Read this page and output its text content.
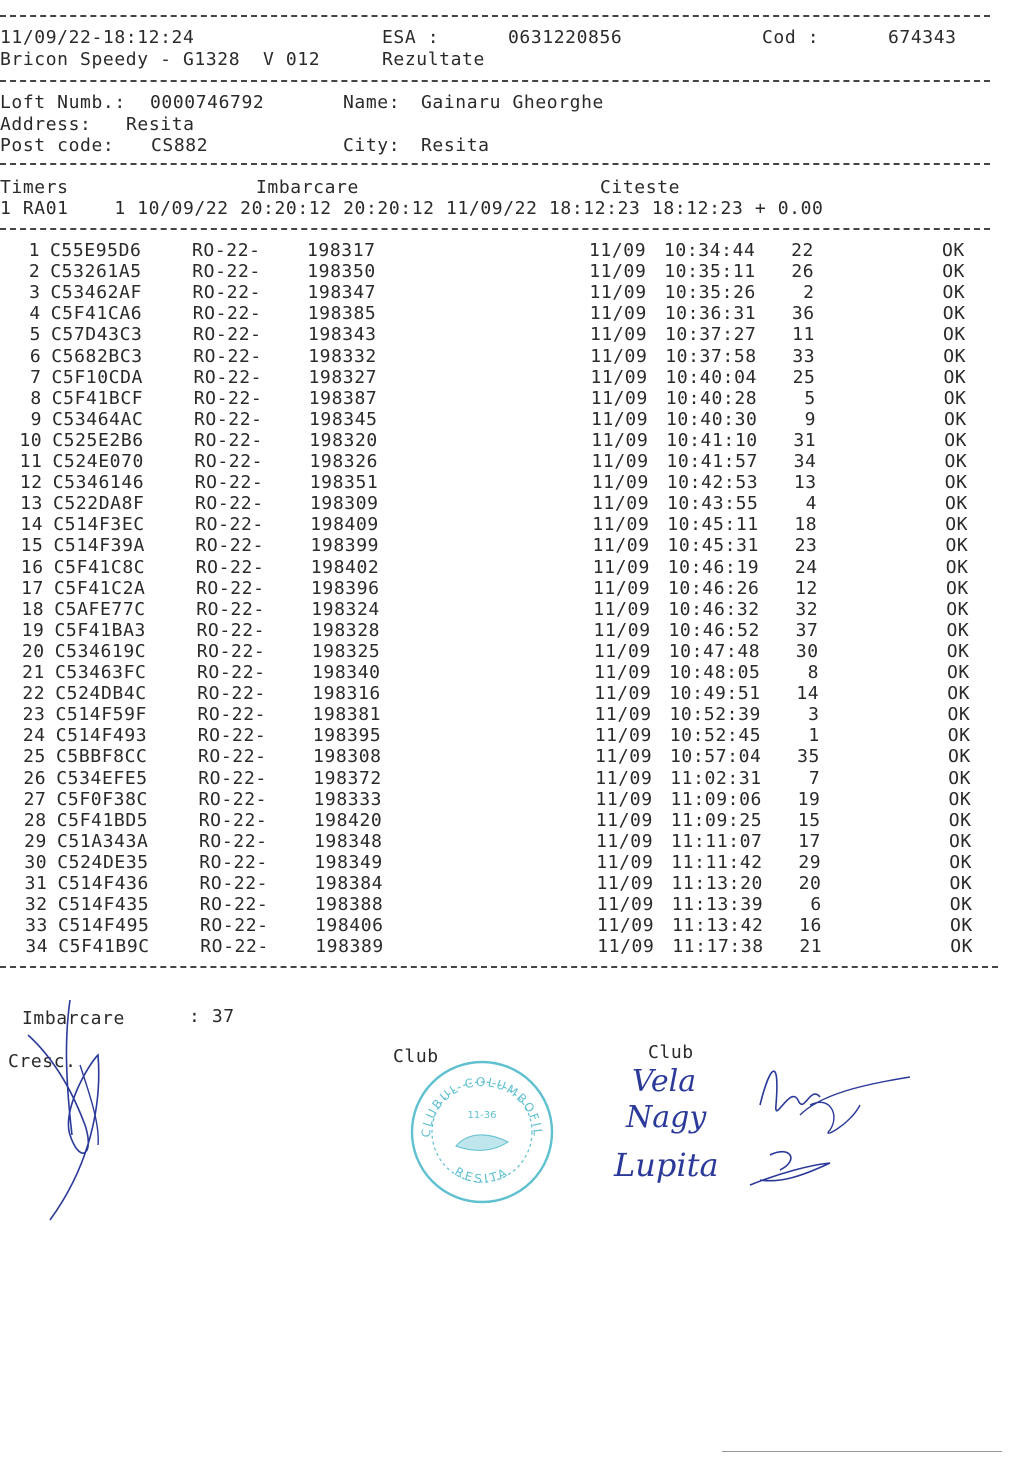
11/09/22-18:12:24	ESA :	0631220856	Cod :	674343
Bricon Speedy - G1328  V 012	Rezultate
Loft Numb.: 0000746792	Name: Gainaru Gheorghe
Address: Resita
Post code: CS882	City: Resita
Timers	Imbarcare	Citeste
1 RA01    1 10/09/22 20:20:12 20:20:12 11/09/22 18:12:23 18:12:23 + 0.00
1 C55E95D6	RO-22-	198317	11/09 10:34:44 22	OK
2 C53261A5	RO-22-	198350	11/09 10:35:11 26	OK
3 C53462AF	RO-22-	198347	11/09 10:35:26	2	OK
4 C5F41CA6	RO-22-	198385	11/09 10:36:31 36	OK
5 C57D43C3	RO-22-	198343	11/09 10:37:27 11	OK
6 C5682BC3	RO-22-	198332	11/09 10:37:58 33	OK
7 C5F10CDA	RO-22-	198327	11/09 10:40:04 25	OK
8 C5F41BCF	RO-22-	198387	11/09 10:40:28	5	OK
9 C53464AC	RO-22-	198345	11/09 10:40:30	9	OK
10 C525E2B6	RO-22-	198320	11/09 10:41:10 31	OK
11 C524E070	RO-22-	198326	11/09 10:41:57 34	OK
12 C5346146	RO-22-	198351	11/09 10:42:53 13	OK
13 C522DA8F	RO-22-	198309	11/09 10:43:55	4	OK
14 C514F3EC	RO-22-	198409	11/09 10:45:11 18	OK
15 C514F39A	RO-22-	198399	11/09 10:45:31 23	OK
16 C5F41C8C	RO-22-	198402	11/09 10:46:19 24	OK
17 C5F41C2A	RO-22-	198396	11/09 10:46:26 12	OK
18 C5AFE77C	RO-22-	198324	11/09 10:46:32 32	OK
19 C5F41BA3	RO-22-	198328	11/09 10:46:52 37	OK
20 C534619C	RO-22-	198325	11/09 10:47:48 30	OK
21 C53463FC	RO-22-	198340	11/09 10:48:05	8	OK
22 C524DB4C	RO-22-	198316	11/09 10:49:51 14	OK
23 C514F59F	RO-22-	198381	11/09 10:52:39	3	OK
24 C514F493	RO-22-	198395	11/09 10:52:45	1	OK
25 C5BBF8CC	RO-22-	198308	11/09 10:57:04 35	OK
26 C534EFE5	RO-22-	198372	11/09 11:02:31	7	OK
27 C5F0F38C	RO-22-	198333	11/09 11:09:06 19	OK
28 C5F41BD5	RO-22-	198420	11/09 11:09:25 15	OK
29 C51A343A	RO-22-	198348	11/09 11:11:07 17	OK
30 C524DE35	RO-22-	198349	11/09 11:11:42 29	OK
31 C514F436	RO-22-	198384	11/09 11:13:20 20	OK
32 C514F435	RO-22-	198388	11/09 11:13:39	6	OK
33 C514F495	RO-22-	198406	11/09 11:13:42 16	OK
34 C5F41B9C	RO-22-	198389	11/09 11:17:38 21	OK
Imbarcare	: 37
Cresc.	Club	Club
CLUBUL COLUMBOFIL
11-36
RESITA
Vela
Nagy
Lupita
